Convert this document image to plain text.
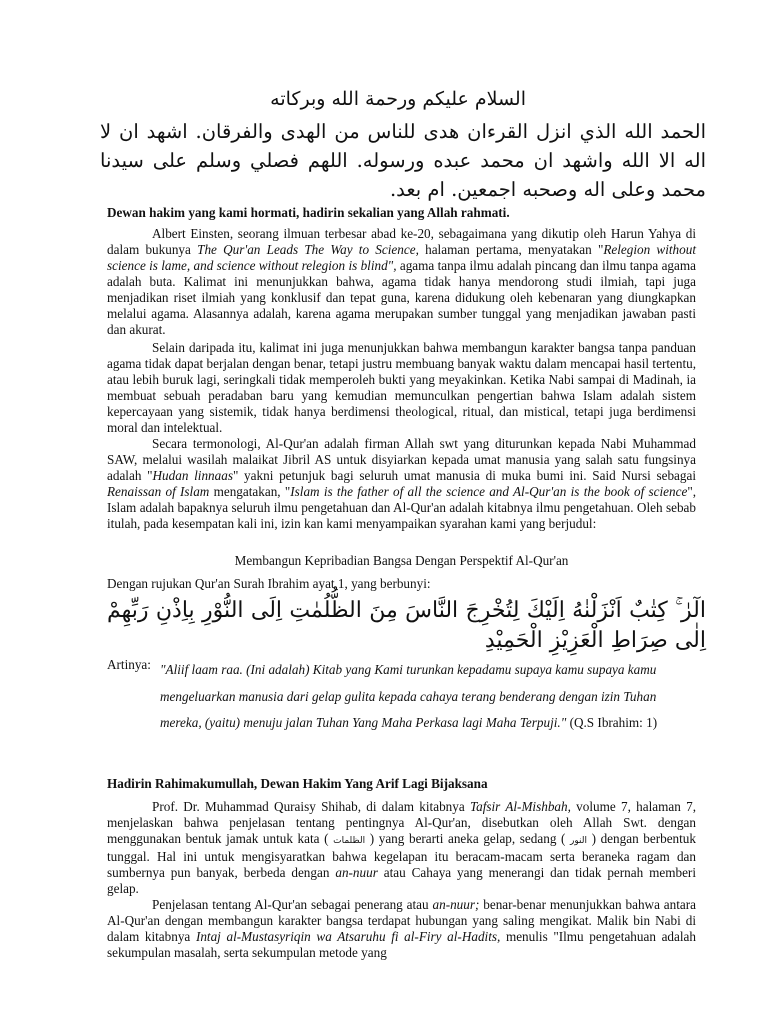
السلام عليكم ورحمة الله وبركاته
الحمد الله الذي انزل القرءان هدى للناس من الهدى والفرقان. اشهد ان لا اله الا الله واشهد ان محمد عبده ورسوله. اللهم فصلي وسلم على سيدنا محمد وعلى اله وصحبه اجمعين. ام بعد.

Dewan hakim yang kami hormati, hadirin sekalian yang Allah rahmati.

Albert Einsten, seorang ilmuan terbesar abad ke-20, sebagaimana yang dikutip oleh Harun Yahya di dalam bukunya The Qur'an Leads The Way to Science, halaman pertama, menyatakan "Relegion without science is lame, and science without relegion is blind", agama tanpa ilmu adalah pincang dan ilmu tanpa agama adalah buta. Kalimat ini menunjukkan bahwa, agama tidak hanya mendorong studi ilmiah, tapi juga menjadikan riset ilmiah yang konklusif dan tepat guna, karena didukung oleh kebenaran yang diungkapkan melalui agama. Alasannya adalah, karena agama merupakan sumber tunggal yang menjadikan jawaban pasti dan akurat.

Selain daripada itu, kalimat ini juga menunjukkan bahwa membangun karakter bangsa tanpa panduan agama tidak dapat berjalan dengan benar, tetapi justru membuang banyak waktu dalam mencapai hasil tertentu, atau lebih buruk lagi, seringkali tidak memperoleh bukti yang meyakinkan. Ketika Nabi sampai di Madinah, ia membuat sebuah peradaban baru yang kemudian memunculkan pengertian bahwa Islam adalah sistem kepercayaan yang sistemik, tidak hanya berdimensi theological, ritual, dan mistical, tetapi juga berdimensi moral dan intelektual.

Secara termonologi, Al-Qur'an adalah firman Allah swt yang diturunkan kepada Nabi Muhammad SAW, melalui wasilah malaikat Jibril AS untuk disyiarkan kepada umat manusia yang salah satu fungsinya adalah "Hudan linnaas" yakni petunjuk bagi seluruh umat manusia di muka bumi ini. Said Nursi sebagai Renaissan of Islam mengatakan, "Islam is the father of all the science and Al-Qur'an is the book of science", Islam adalah bapaknya seluruh ilmu pengetahuan dan Al-Qur'an adalah kitabnya ilmu pengetahuan. Oleh sebab itulah, pada kesempatan kali ini, izin kan kami menyampaikan syarahan kami yang berjudul:

Membangun Kepribadian Bangsa Dengan Perspektif Al-Qur'an

Dengan rujukan Qur'an Surah Ibrahim ayat 1, yang berbunyi:

الٓرٰ ۚ كِتٰبٌ اَنْزَلْنٰهُ اِلَيْكَ لِتُخْرِجَ النَّاسَ مِنَ الظُّلُمٰتِ اِلَى النُّوْرِ بِاِذْنِ رَبِّهِمْ اِلٰى صِرَاطِ الْعَزِيْزِ الْحَمِيْدِ
Artinya: "Aliif laam raa. (Ini adalah) Kitab yang Kami turunkan kepadamu supaya kamu supaya kamu mengeluarkan manusia dari gelap gulita kepada cahaya terang benderang dengan izin Tuhan mereka, (yaitu) menuju jalan Tuhan Yang Maha Perkasa lagi Maha Terpuji." (Q.S Ibrahim: 1)

Hadirin Rahimakumullah, Dewan Hakim Yang Arif Lagi Bijaksana

Prof. Dr. Muhammad Quraisy Shihab, di dalam kitabnya Tafsir Al-Mishbah, volume 7, halaman 7, menjelaskan bahwa penjelasan tentang pentingnya Al-Qur'an, disebutkan oleh Allah Swt. dengan menggunakan bentuk jamak untuk kata ( الظلمات ) yang berarti aneka gelap, sedang ( النور ) dengan berbentuk tunggal. Hal ini untuk mengisyaratkan bahwa kegelapan itu beracam-macam serta beraneka ragam dan sumbernya pun banyak, berbeda dengan an-nuur atau Cahaya yang menerangi dan tidak pernah memberi gelap.

Penjelasan tentang Al-Qur'an sebagai penerang atau an-nuur; benar-benar menunjukkan bahwa antara Al-Qur'an dengan membangun karakter bangsa terdapat hubungan yang saling mengikat. Malik bin Nabi di dalam kitabnya Intaj al-Mustasyriqin wa Atsaruhu fi al-Firy al-Hadits, menulis "Ilmu pengetahuan adalah sekumpulan masalah, serta sekumpulan metode yang
